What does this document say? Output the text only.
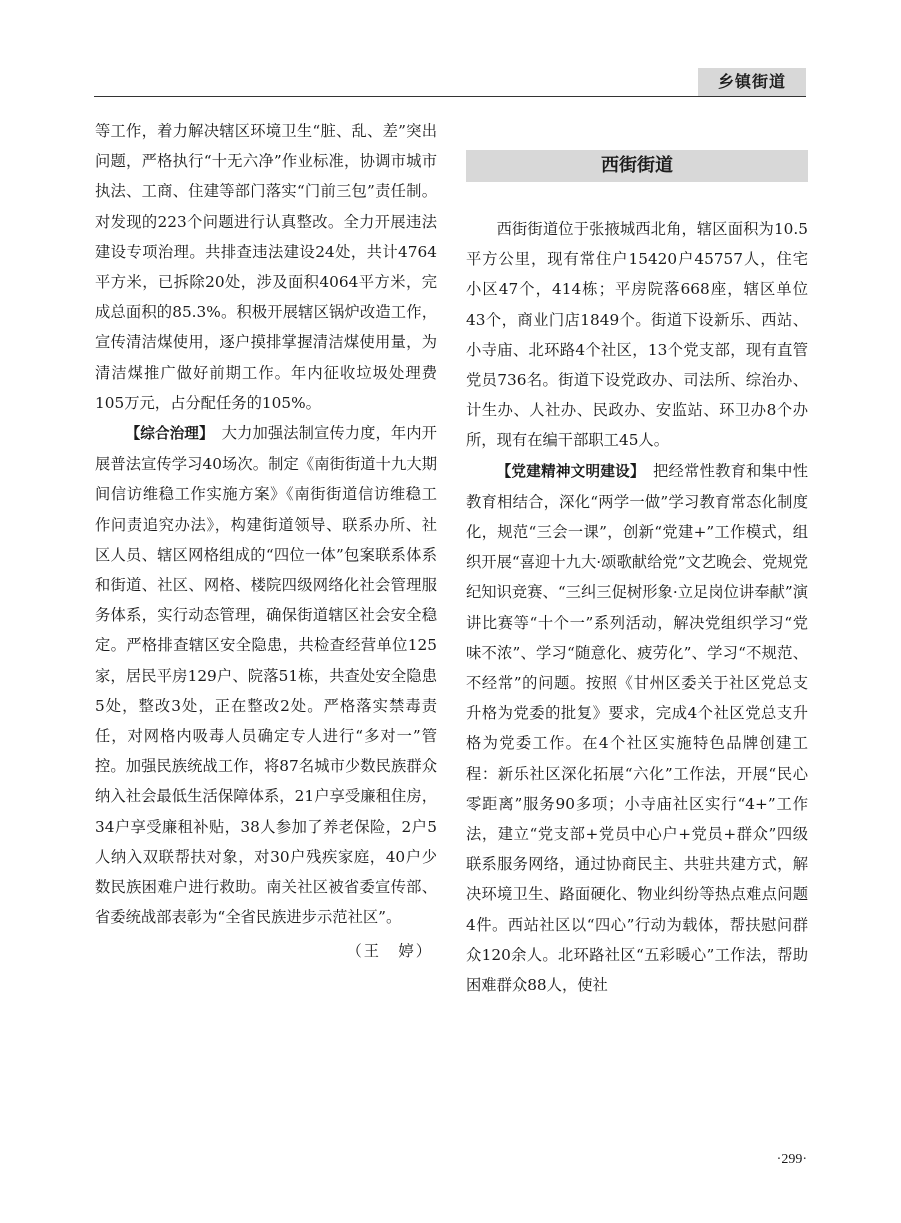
乡镇街道

等工作，着力解决辖区环境卫生“脏、乱、差”突出问题，严格执行“十无六净”作业标准，协调市城市执法、工商、住建等部门落实“门前三包”责任制。对发现的223个问题进行认真整改。全力开展违法建设专项治理。共排查违法建设24处，共计4764平方米，已拆除20处，涉及面积4064平方米，完成总面积的85.3%。积极开展辖区锅炉改造工作，宣传清洁煤使用，逐户摸排掌握清洁煤使用量，为清洁煤推广做好前期工作。年内征收垃圾处理费105万元，占分配任务的105%。

【综合治理】 大力加强法制宣传力度，年内开展普法宣传学习40场次。制定《南街街道十九大期间信访维稳工作实施方案》《南街街道信访维稳工作问责追究办法》，构建街道领导、联系办所、社区人员、辖区网格组成的“四位一体”包案联系体系和街道、社区、网格、楼院四级网络化社会管理服务体系，实行动态管理，确保街道辖区社会安全稳定。严格排查辖区安全隐患，共检查经营单位125家，居民平房129户、院落51栋，共查处安全隐患5处，整改3处，正在整改2处。严格落实禁毒责任，对网格内吸毒人员确定专人进行“多对一”管控。加强民族统战工作，将87名城市少数民族群众纳入社会最低生活保障体系，21户享受廉租住房，34户享受廉租补贴，38人参加了养老保险，2户5人纳入双联帮扶对象，对30户残疾家庭，40户少数民族困难户进行救助。南关社区被省委宣传部、省委统战部表彰为“全省民族进步示范社区”。

（王　婷）
西街街道

西街街道位于张掖城西北角，辖区面积为10.5平方公里，现有常住户15420户45757人，住宅小区47个，414栋；平房院落668座，辖区单位43个，商业门店1849个。街道下设新乐、西站、小寺庙、北环路4个社区，13个党支部，现有直管党员736名。街道下设党政办、司法所、综治办、计生办、人社办、民政办、安监站、环卫办8个办所，现有在编干部职工45人。

【党建精神文明建设】 把经常性教育和集中性教育相结合，深化“两学一做”学习教育常态化制度化，规范“三会一课”，创新“党建+”工作模式，组织开展“喜迎十九大·颂歌献给党”文艺晚会、党规党纪知识竞赛、“三纠三促树形象·立足岗位讲奉献”演讲比赛等“十个一”系列活动，解决党组织学习“党味不浓”、学习“随意化、疲劳化”、学习“不规范、不经常”的问题。按照《甘州区委关于社区党总支升格为党委的批复》要求，完成4个社区党总支升格为党委工作。在4个社区实施特色品牌创建工程：新乐社区深化拓展“六化”工作法，开展“民心零距离”服务90多项；小寺庙社区实行“4+”工作法，建立“党支部+党员中心户+党员+群众”四级联系服务网络，通过协商民主、共驻共建方式，解决环境卫生、路面硬化、物业纠纷等热点难点问题4件。西站社区以“四心”行动为载体，帮扶慰问群众120余人。北环路社区“五彩暖心”工作法，帮助困难群众88人，使社

·299·
